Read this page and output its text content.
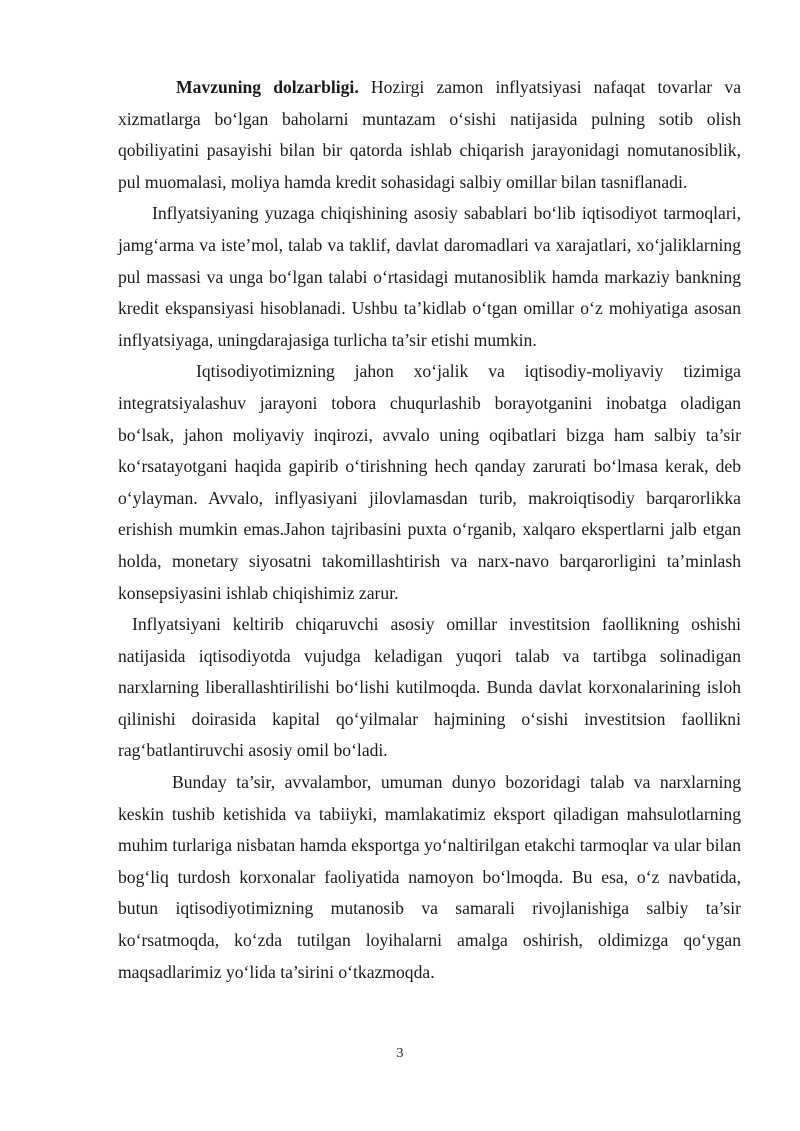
Mavzuning dolzarbligi. Hozirgi zamon inflyatsiyasi nafaqat tovarlar va xizmatlarga bo‘lgan baholarni muntazam o‘sishi natijasida pulning sotib olish qobiliyatini pasayishi bilan bir qatorda ishlab chiqarish jarayonidagi nomutanosiblik, pul muomalasi, moliya hamda kredit sohasidagi salbiy omillar bilan tasniflanadi.

Inflyatsiyaning yuzaga chiqishining asosiy sabablari bo‘lib iqtisodiyot tarmoqlari, jamg‘arma va iste’mol, talab va taklif, davlat daromadlari va xarajatlari, xo‘jaliklarning pul massasi va unga bo‘lgan talabi o‘rtasidagi mutanosiblik hamda markaziy bankning kredit ekspansiyasi hisoblanadi. Ushbu ta’kidlab o‘tgan omillar o‘z mohiyatiga asosan inflyatsiyaga, uningdarajasiga turlicha ta’sir etishi mumkin.

Iqtisodiyotimizning jahon xo‘jalik va iqtisodiy-moliyaviy tizimiga integratsiyalashuv jarayoni tobora chuqurlashib borayotganini inobatga oladigan bo‘lsak, jahon moliyaviy inqirozi, avvalo uning oqibatlari bizga ham salbiy ta’sir ko‘rsatayotgani haqida gapirib o‘tirishning hech qanday zarurati bo‘lmasa kerak, deb o‘ylayman. Avvalo, inflyasiyani jilovlamasdan turib, makroiqtisodiy barqarorlikka erishish mumkin emas.Jahon tajribasini puxta o‘rganib, xalqaro ekspertlarni jalb etgan holda, monetary siyosatni takomillashtirish va narx-navo barqarorligini ta’minlash konsepsiyasini ishlab chiqishimiz zarur.

Inflyatsiyani keltirib chiqaruvchi asosiy omillar investitsion faollikning oshishi natijasida iqtisodiyotda vujudga keladigan yuqori talab va tartibga solinadigan narxlarning liberallashtirilishi bo‘lishi kutilmoqda. Bunda davlat korxonalarining isloh qilinishi doirasida kapital qo‘yilmalar hajmining o‘sishi investitsion faollikni rag‘batlantiruvchi asosiy omil bo‘ladi.

Bunday ta’sir, avvalambor, umuman dunyo bozoridagi talab va narxlarning keskin tushib ketishida va tabiiyki, mamlakatimiz eksport qiladigan mahsulotlarning muhim turlariga nisbatan hamda eksportga yo‘naltirilgan etakchi tarmoqlar va ular bilan bog‘liq turdosh korxonalar faoliyatida namoyon bo‘lmoqda. Bu esa, o‘z navbatida, butun iqtisodiyotimizning mutanosib va samarali rivojlanishiga salbiy ta’sir ko‘rsatmoqda, ko‘zda tutilgan loyihalarni amalga oshirish, oldimizga qo‘ygan maqsadlarimiz yo‘lida ta’sirini o‘tkazmoqda.

3
